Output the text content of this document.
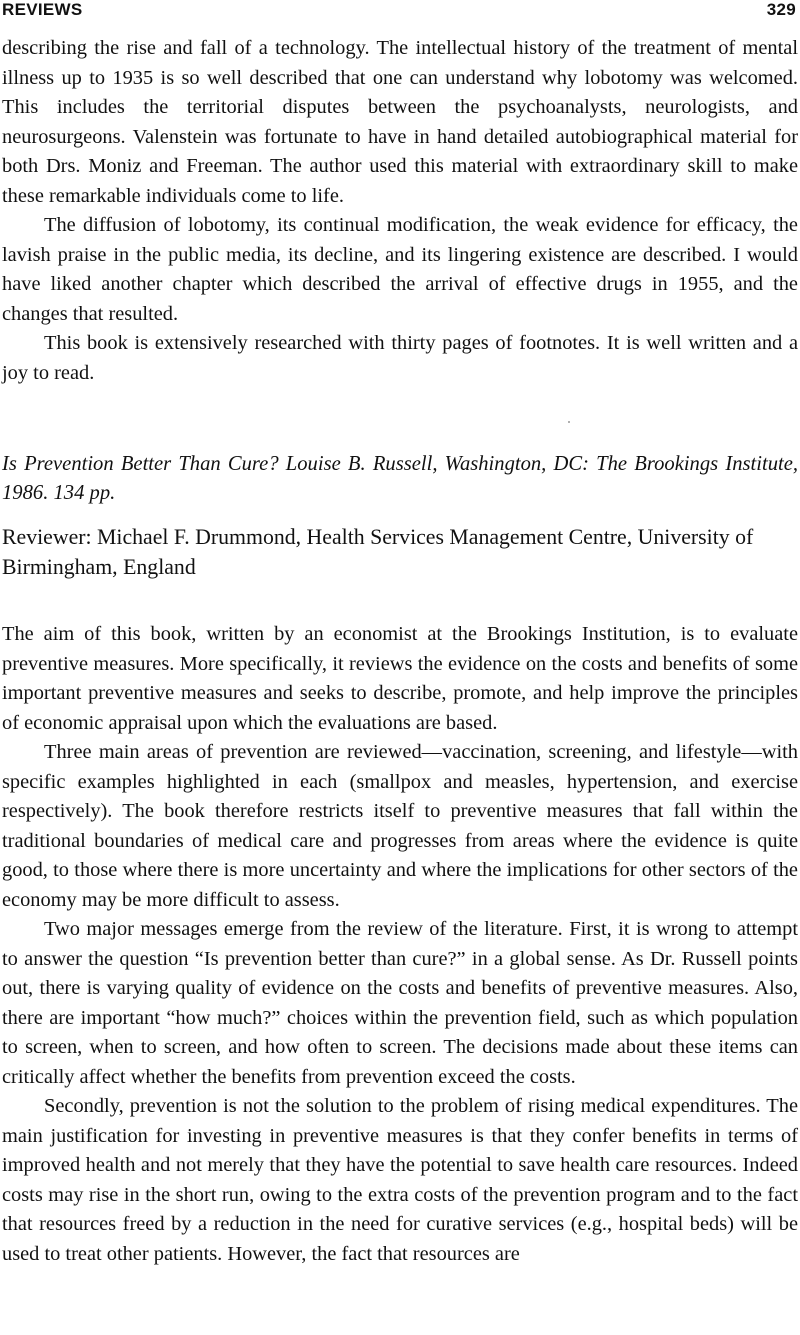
REVIEWS	329

describing the rise and fall of a technology. The intellectual history of the treatment of mental illness up to 1935 is so well described that one can understand why lobotomy was welcomed. This includes the territorial disputes between the psychoanalysts, neurologists, and neurosurgeons. Valenstein was fortunate to have in hand detailed autobiographical material for both Drs. Moniz and Freeman. The author used this material with extraordinary skill to make these remarkable individuals come to life.

The diffusion of lobotomy, its continual modification, the weak evidence for efficacy, the lavish praise in the public media, its decline, and its lingering existence are described. I would have liked another chapter which described the arrival of effective drugs in 1955, and the changes that resulted.

This book is extensively researched with thirty pages of footnotes. It is well written and a joy to read.

Is Prevention Better Than Cure? Louise B. Russell, Washington, DC: The Brookings Institute, 1986. 134 pp.

Reviewer: Michael F. Drummond, Health Services Management Centre, University of Birmingham, England

The aim of this book, written by an economist at the Brookings Institution, is to evaluate preventive measures. More specifically, it reviews the evidence on the costs and benefits of some important preventive measures and seeks to describe, promote, and help improve the principles of economic appraisal upon which the evaluations are based.

Three main areas of prevention are reviewed—vaccination, screening, and lifestyle—with specific examples highlighted in each (smallpox and measles, hypertension, and exercise respectively). The book therefore restricts itself to preventive measures that fall within the traditional boundaries of medical care and progresses from areas where the evidence is quite good, to those where there is more uncertainty and where the implications for other sectors of the economy may be more difficult to assess.

Two major messages emerge from the review of the literature. First, it is wrong to attempt to answer the question “Is prevention better than cure?” in a global sense. As Dr. Russell points out, there is varying quality of evidence on the costs and benefits of preventive measures. Also, there are important “how much?” choices within the prevention field, such as which population to screen, when to screen, and how often to screen. The decisions made about these items can critically affect whether the benefits from prevention exceed the costs.

Secondly, prevention is not the solution to the problem of rising medical expenditures. The main justification for investing in preventive measures is that they confer benefits in terms of improved health and not merely that they have the potential to save health care resources. Indeed costs may rise in the short run, owing to the extra costs of the prevention program and to the fact that resources freed by a reduction in the need for curative services (e.g., hospital beds) will be used to treat other patients. However, the fact that resources are
